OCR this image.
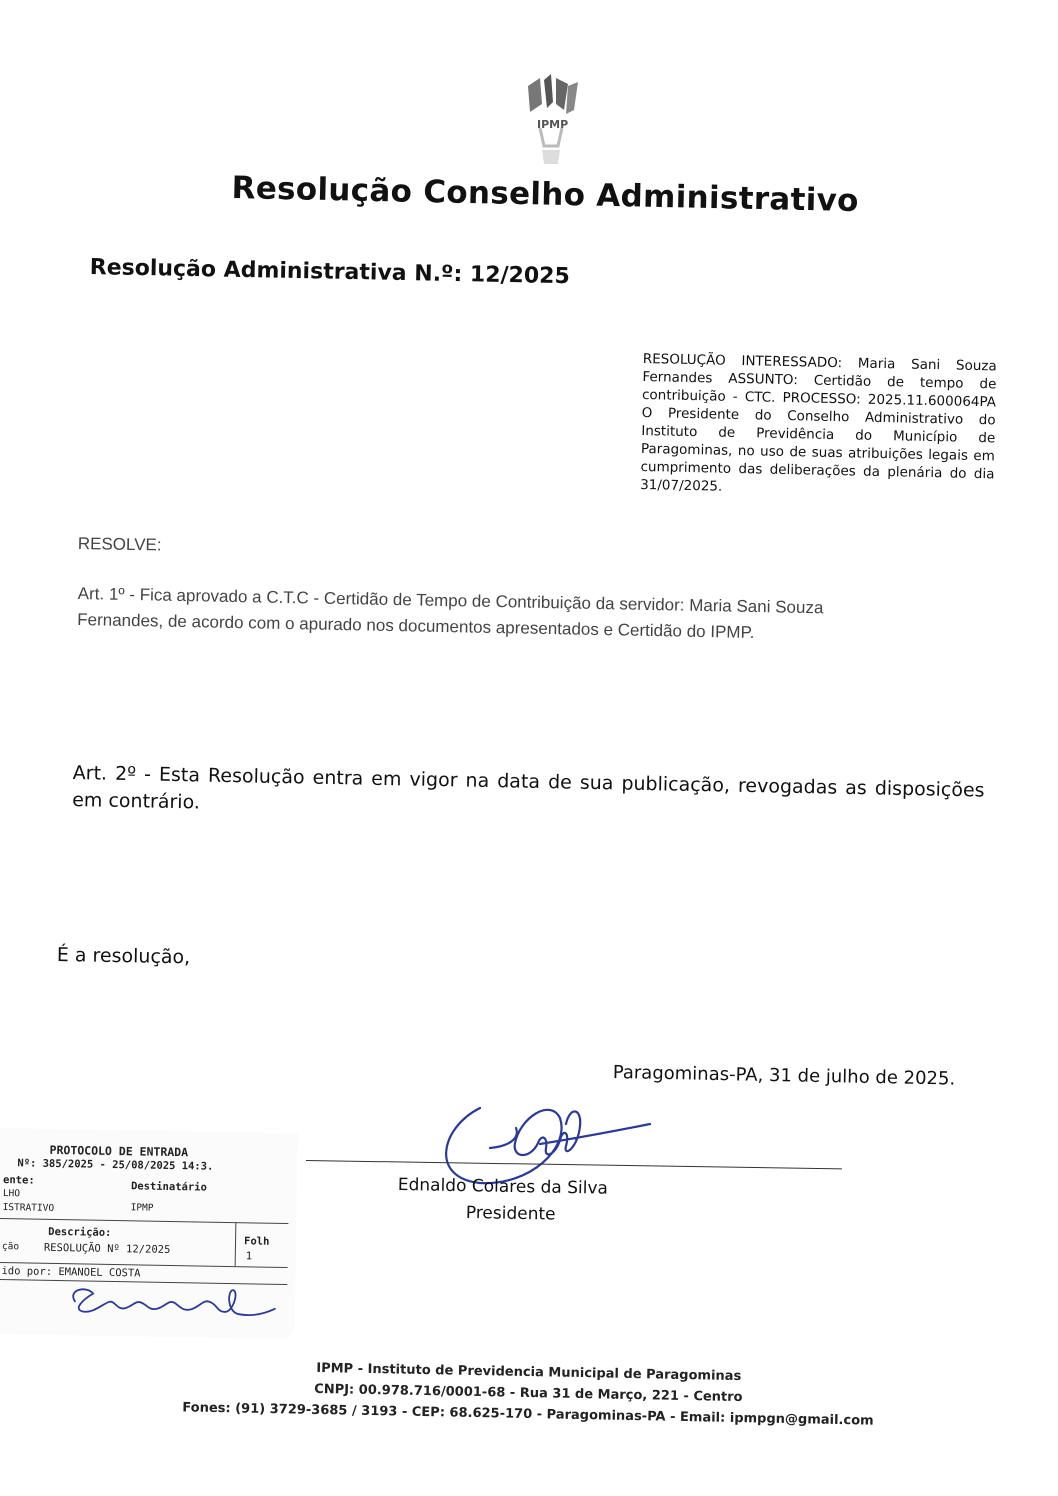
IPMP
Resolução Conselho Administrativo
Resolução Administrativa N.º: 12/2025
RESOLUÇÃO INTERESSADO: Maria Sani Souza Fernandes ASSUNTO: Certidão de tempo de contribuição - CTC. PROCESSO: 2025.11.600064PA O Presidente do Conselho Administrativo do Instituto de Previdência do Município de Paragominas, no uso de suas atribuições legais em cumprimento das deliberações da plenária do dia 31/07/2025.
RESOLVE:
Art. 1º - Fica aprovado a C.T.C - Certidão de Tempo de Contribuição da servidor: Maria Sani Souza
Fernandes, de acordo com o apurado nos documentos apresentados e Certidão do IPMP.
Art. 2º - Esta Resolução entra em vigor na data de sua publicação, revogadas as disposições em contrário.
É a resolução,
Paragominas-PA, 31 de julho de 2025.
Ednaldo Colares da Silva
Presidente
PROTOCOLO DE ENTRADA
Nº: 385/2025 - 25/08/2025 14:3.
ente:	Destinatário
LHO
ISTRATIVO	IPMP
Descrição:
Folh
ção RESOLUÇÃO Nº 12/2025
1
ido por: EMANOEL COSTA
IPMP - Instituto de Previdencia Municipal de Paragominas
CNPJ: 00.978.716/0001-68 - Rua 31 de Março, 221 - Centro
Fones: (91) 3729-3685 / 3193 - CEP: 68.625-170 - Paragominas-PA - Email: ipmpgn@gmail.com
